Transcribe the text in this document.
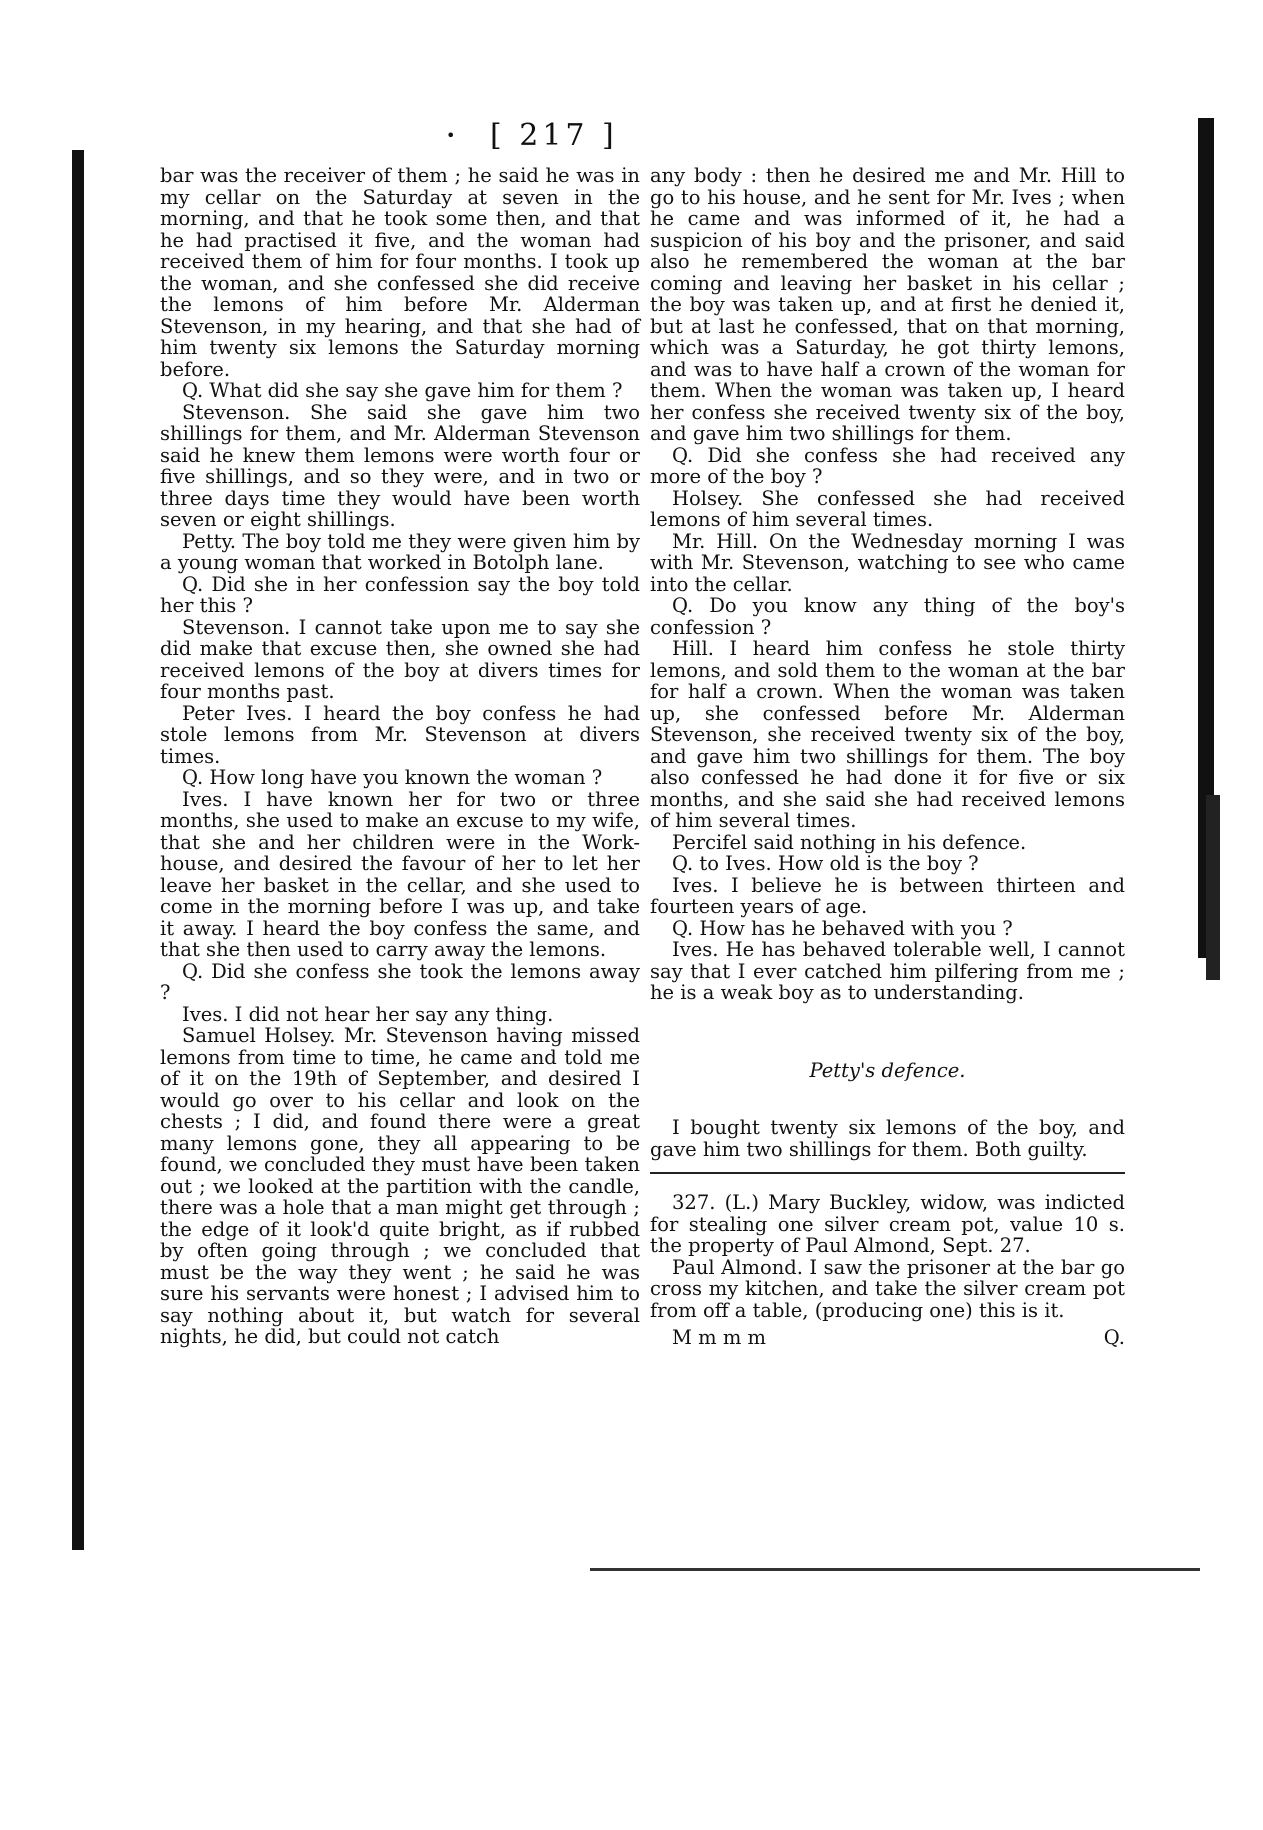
• [ 217 ]

bar was the receiver of them ; he said he was in my cellar on the Saturday at seven in the morning, and that he took some then, and that he had practised it five, and the woman had received them of him for four months. I took up the woman, and she confessed she did receive the lemons of him before Mr. Alderman Stevenson, in my hearing, and that she had of him twenty six lemons the Saturday morning before.

Q. What did she say she gave him for them ?

Stevenson. She said she gave him two shillings for them, and Mr. Alderman Stevenson said he knew them lemons were worth four or five shillings, and so they were, and in two or three days time they would have been worth seven or eight shillings.

Petty. The boy told me they were given him by a young woman that worked in Botolph lane.

Q. Did she in her confession say the boy told her this ?

Stevenson. I cannot take upon me to say she did make that excuse then, she owned she had received lemons of the boy at divers times for four months past.

Peter Ives. I heard the boy confess he had stole lemons from Mr. Stevenson at divers times.

Q. How long have you known the woman ?

Ives. I have known her for two or three months, she used to make an excuse to my wife, that she and her children were in the Work-house, and desired the favour of her to let her leave her basket in the cellar, and she used to come in the morning before I was up, and take it away. I heard the boy confess the same, and that she then used to carry away the lemons.

Q. Did she confess she took the lemons away ?

Ives. I did not hear her say any thing.

Samuel Holsey. Mr. Stevenson having missed lemons from time to time, he came and told me of it on the 19th of September, and desired I would go over to his cellar and look on the chests ; I did, and found there were a great many lemons gone, they all appearing to be found, we concluded they must have been taken out ; we looked at the partition with the candle, there was a hole that a man might get through ; the edge of it look'd quite bright, as if rubbed by often going through ; we concluded that must be the way they went ; he said he was sure his servants were honest ; I advised him to say nothing about it, but watch for several nights, he did, but could not catch

any body : then he desired me and Mr. Hill to go to his house, and he sent for Mr. Ives ; when he came and was informed of it, he had a suspicion of his boy and the prisoner, and said also he remembered the woman at the bar coming and leaving her basket in his cellar ; the boy was taken up, and at first he denied it, but at last he confessed, that on that morning, which was a Saturday, he got thirty lemons, and was to have half a crown of the woman for them. When the woman was taken up, I heard her confess she received twenty six of the boy, and gave him two shillings for them.

Q. Did she confess she had received any more of the boy ?

Holsey. She confessed she had received lemons of him several times.

Mr. Hill. On the Wednesday morning I was with Mr. Stevenson, watching to see who came into the cellar.

Q. Do you know any thing of the boy's confession ?

Hill. I heard him confess he stole thirty lemons, and sold them to the woman at the bar for half a crown. When the woman was taken up, she confessed before Mr. Alderman Stevenson, she received twenty six of the boy, and gave him two shillings for them. The boy also confessed he had done it for five or six months, and she said she had received lemons of him several times.

Percifel said nothing in his defence.

Q. to Ives. How old is the boy ?

Ives. I believe he is between thirteen and fourteen years of age.

Q. How has he behaved with you ?

Ives. He has behaved tolerable well, I cannot say that I ever catched him pilfering from me ; he is a weak boy as to understanding.

Petty's defence.

I bought twenty six lemons of the boy, and gave him two shillings for them. Both guilty.

327. (L.) Mary Buckley, widow, was indicted for stealing one silver cream pot, value 10 s. the property of Paul Almond, Sept. 27.

Paul Almond. I saw the prisoner at the bar go cross my kitchen, and take the silver cream pot from off a table, (producing one) this is it.

M m m m	Q.
